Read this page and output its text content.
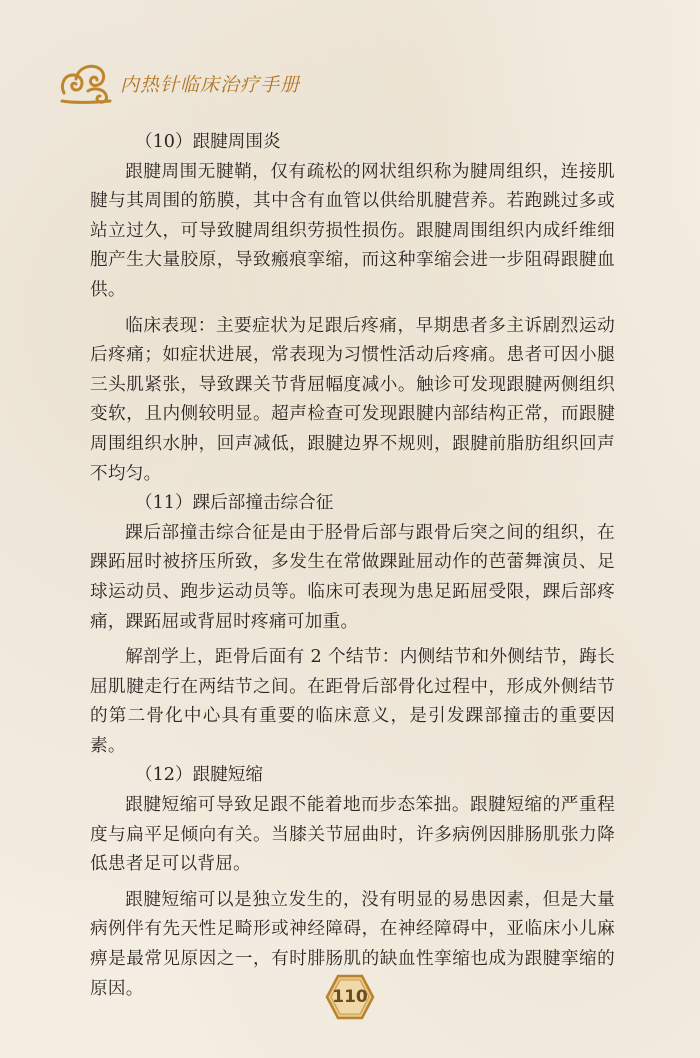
内热针临床治疗手册
（10）跟腱周围炎

跟腱周围无腱鞘，仅有疏松的网状组织称为腱周组织，连接肌腱与其周围的筋膜，其中含有血管以供给肌腱营养。若跑跳过多或站立过久，可导致腱周组织劳损性损伤。跟腱周围组织内成纤维细胞产生大量胶原，导致瘢痕挛缩，而这种挛缩会进一步阻碍跟腱血供。

临床表现：主要症状为足跟后疼痛，早期患者多主诉剧烈运动后疼痛；如症状进展，常表现为习惯性活动后疼痛。患者可因小腿三头肌紧张，导致踝关节背屈幅度减小。触诊可发现跟腱两侧组织变软，且内侧较明显。超声检查可发现跟腱内部结构正常，而跟腱周围组织水肿，回声减低，跟腱边界不规则，跟腱前脂肪组织回声不均匀。

（11）踝后部撞击综合征

踝后部撞击综合征是由于胫骨后部与跟骨后突之间的组织，在踝跖屈时被挤压所致，多发生在常做踝趾屈动作的芭蕾舞演员、足球运动员、跑步运动员等。临床可表现为患足跖屈受限，踝后部疼痛，踝跖屈或背屈时疼痛可加重。

解剖学上，距骨后面有 2 个结节：内侧结节和外侧结节，踇长屈肌腱走行在两结节之间。在距骨后部骨化过程中，形成外侧结节的第二骨化中心具有重要的临床意义，是引发踝部撞击的重要因素。

（12）跟腱短缩

跟腱短缩可导致足跟不能着地而步态笨拙。跟腱短缩的严重程度与扁平足倾向有关。当膝关节屈曲时，许多病例因腓肠肌张力降低患者足可以背屈。

跟腱短缩可以是独立发生的，没有明显的易患因素，但是大量病例伴有先天性足畸形或神经障碍，在神经障碍中，亚临床小儿麻痹是最常见原因之一，有时腓肠肌的缺血性挛缩也成为跟腱挛缩的原因。	110
